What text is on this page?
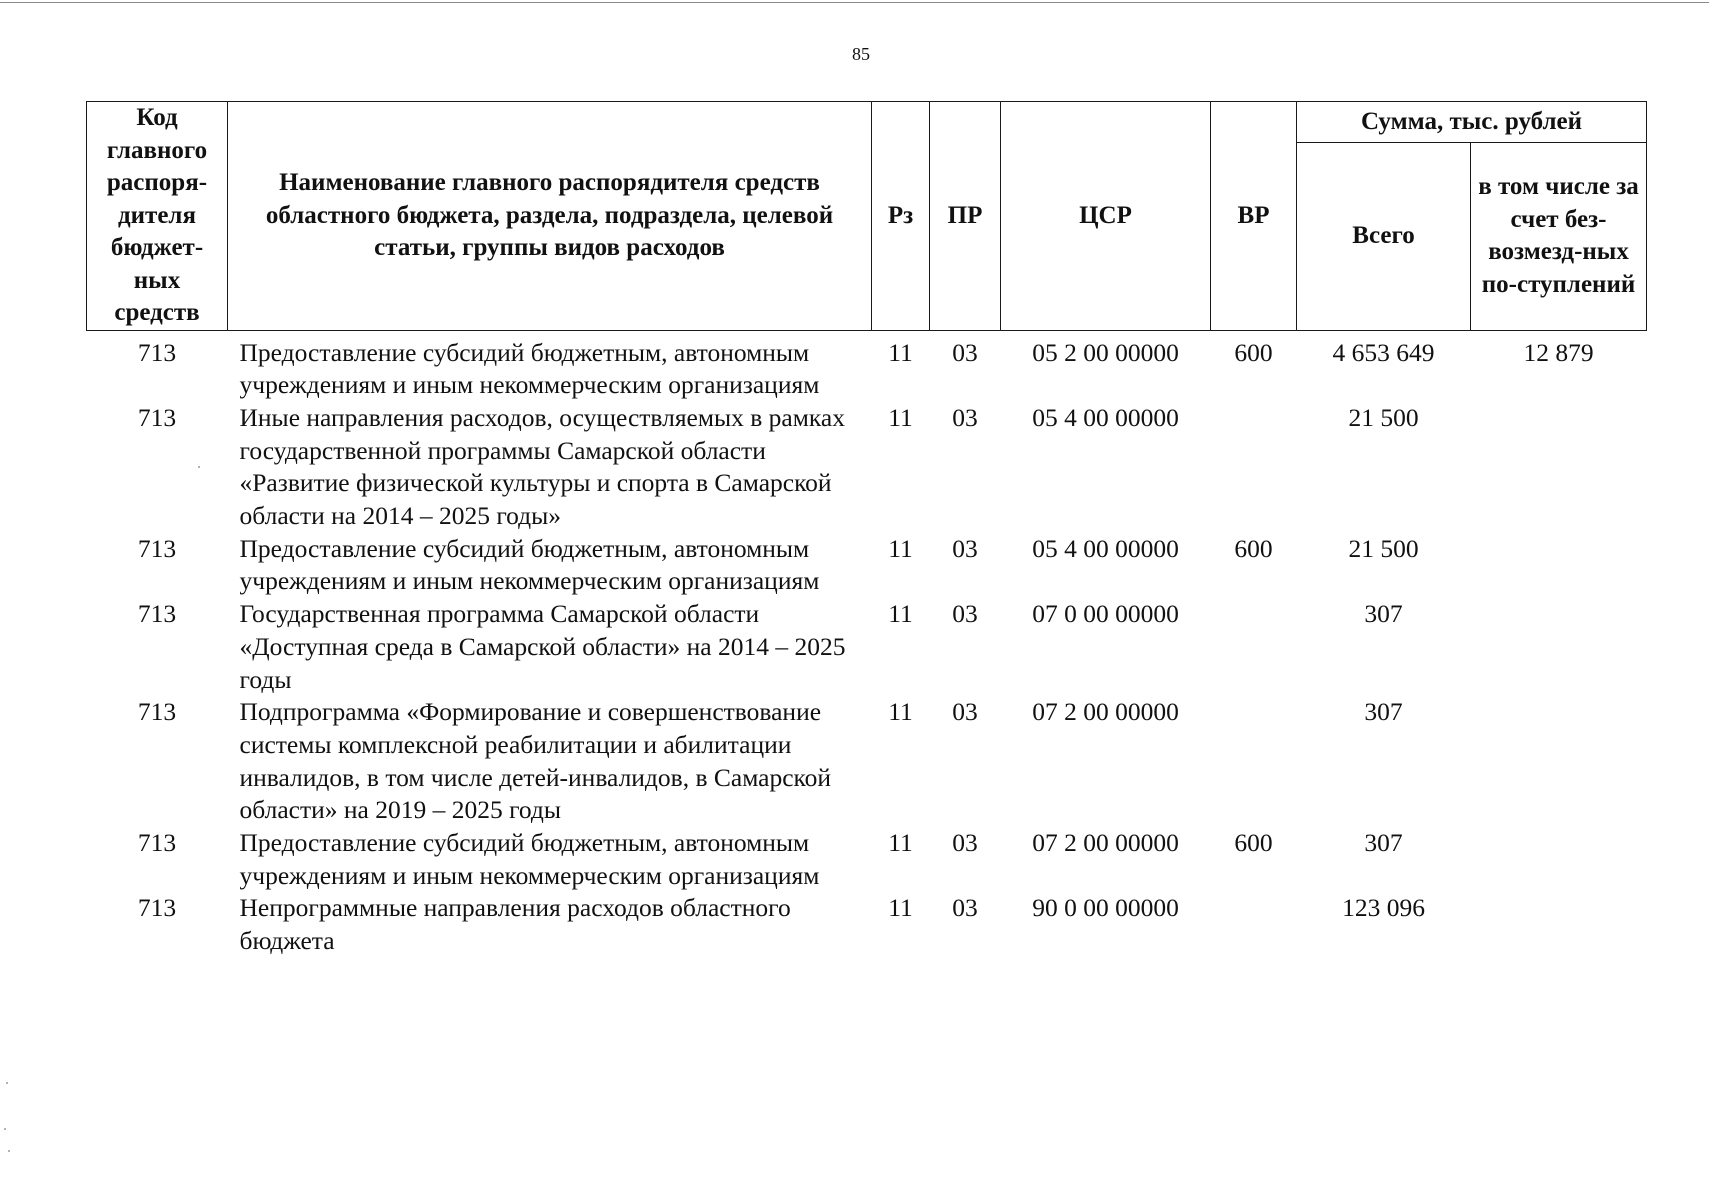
85
Код главного распоря-дителя бюджет-ных средств	Наименование главного распорядителя средств областного бюджета, раздела, подраздела, целевой статьи, группы видов расходов	Рз	ПР	ЦСР	ВР	Сумма, тыс. рублей	
						Всего	в том числе за счет без-возмезд-ных по-ступлений
713	Предоставление субсидий бюджетным, автономным учреждениям и иным некоммерческим организациям	11	03	05 2 00 00000	600	4 653 649	12 879
713	Иные направления расходов, осуществляемых в рамках государственной программы Самарской области «Развитие физической культуры и спорта в Самарской области на 2014 – 2025 годы»	11	03	05 4 00 00000		21 500	
713	Предоставление субсидий бюджетным, автономным учреждениям и иным некоммерческим организациям	11	03	05 4 00 00000	600	21 500	
713	Государственная программа Самарской области «Доступная среда в Самарской области» на 2014 – 2025 годы	11	03	07 0 00 00000		307	
713	Подпрограмма «Формирование и совершенствование системы комплексной реабилитации и абилитации инвалидов, в том числе детей-инвалидов, в Самарской области» на 2019 – 2025 годы	11	03	07 2 00 00000		307	
713	Предоставление субсидий бюджетным, автономным учреждениям и иным некоммерческим организациям	11	03	07 2 00 00000	600	307	
713	Непрограммные направления расходов областного бюджета	11	03	90 0 00 00000		123 096	
